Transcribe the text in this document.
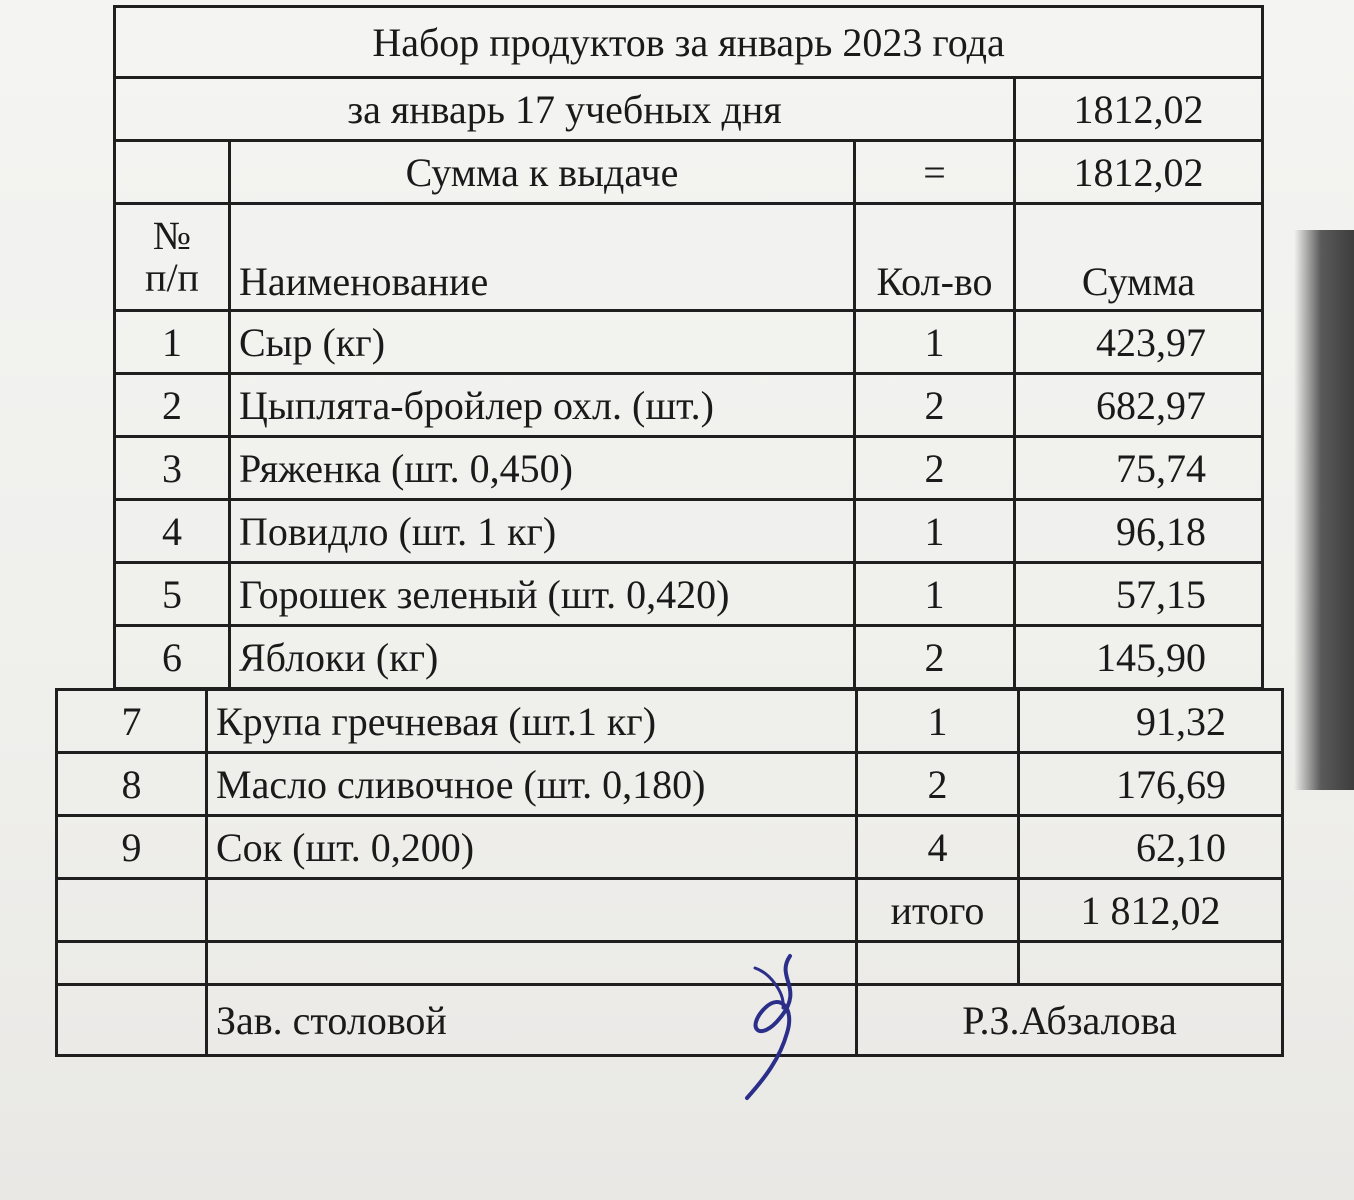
Набор продуктов за январь 2023 года			
за январь 17 учебных дня			1812,02
	Сумма к выдаче	=	1812,02

№
п/п	Наименование	Кол-во	Сумма
1	Сыр (кг)	1	423,97
2	Цыплята-бройлер охл. (шт.)	2	682,97
3	Ряженка (шт. 0,450)	2	75,74
4	Повидло (шт. 1 кг)	1	96,18
5	Горошек зеленый (шт. 0,420)	1	57,15
6	Яблоки (кг)	2	145,90
7	Крупа гречневая (шт.1 кг)	1	91,32
8	Масло сливочное (шт. 0,180)	2	176,69
9	Сок (шт. 0,200)	4	62,10
		итого	1 812,02

	Зав. столовой	Р.З.Абзалова	
